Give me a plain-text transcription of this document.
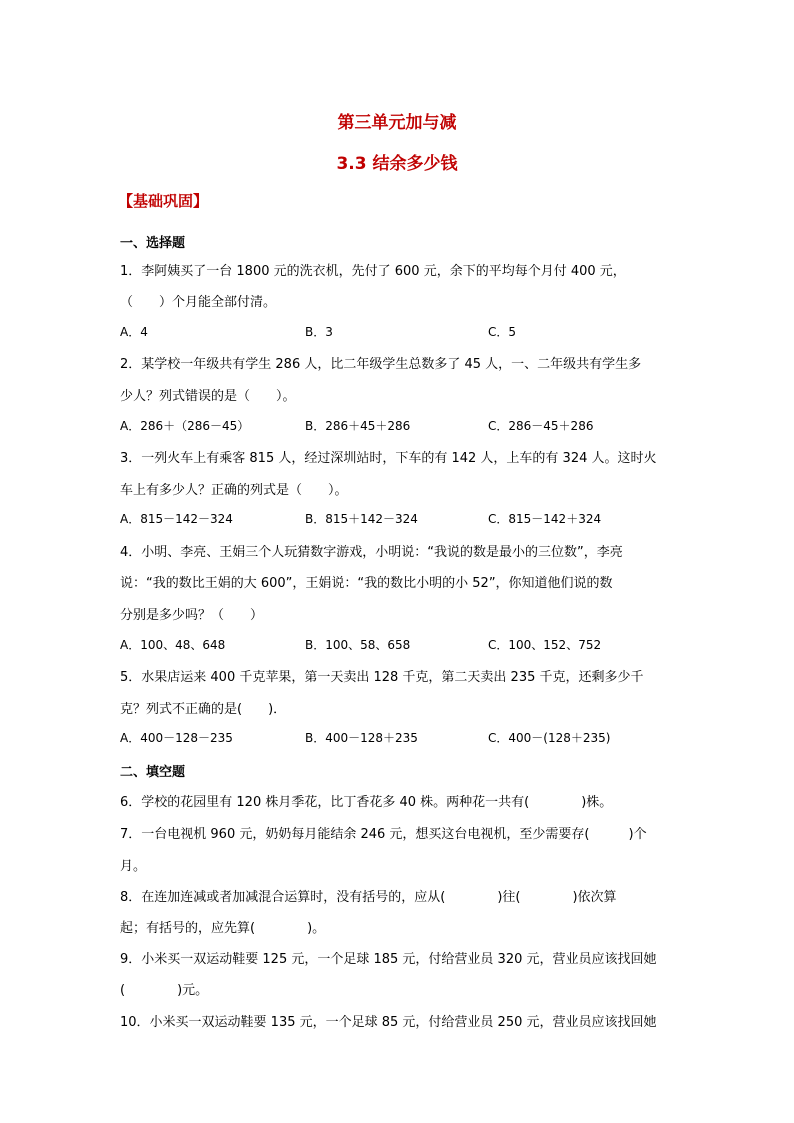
第三单元加与减
3.3 结余多少钱
【基础巩固】
一、选择题
1．李阿姨买了一台 1800 元的洗衣机，先付了 600 元，余下的平均每个月付 400 元，
（　　）个月能全部付清。
A．4	B．3	C．5
2．某学校一年级共有学生 286 人，比二年级学生总数多了 45 人，一、二年级共有学生多
少人？列式错误的是（　　）。
A．286＋（286－45）	B．286＋45＋286	C．286－45＋286
3．一列火车上有乘客 815 人，经过深圳站时，下车的有 142 人，上车的有 324 人。这时火
车上有多少人？正确的列式是（　　）。
A．815－142－324	B．815＋142－324	C．815－142＋324
4．小明、李亮、王娟三个人玩猜数字游戏，小明说：“我说的数是最小的三位数”，李亮
说：“我的数比王娟的大 600”，王娟说：“我的数比小明的小 52”，你知道他们说的数
分别是多少吗？（　　）
A．100、48、648	B．100、58、658	C．100、152、752
5．水果店运来 400 千克苹果，第一天卖出 128 千克，第二天卖出 235 千克，还剩多少千
克？列式不正确的是(　　)．
A．400－128－235	B．400－128＋235	C．400－(128＋235)
二、填空题
6．学校的花园里有 120 株月季花，比丁香花多 40 株。两种花一共有(　　　　)株。
7．一台电视机 960 元，奶奶每月能结余 246 元，想买这台电视机，至少需要存(　　　)个
月。
8．在连加连减或者加减混合运算时，没有括号的，应从(　　　　)往(　　　　)依次算
起；有括号的，应先算(　　　　)。
9．小米买一双运动鞋要 125 元，一个足球 185 元，付给营业员 320 元，营业员应该找回她
(　　　　)元。
10．小米买一双运动鞋要 135 元，一个足球 85 元，付给营业员 250 元，营业员应该找回她
